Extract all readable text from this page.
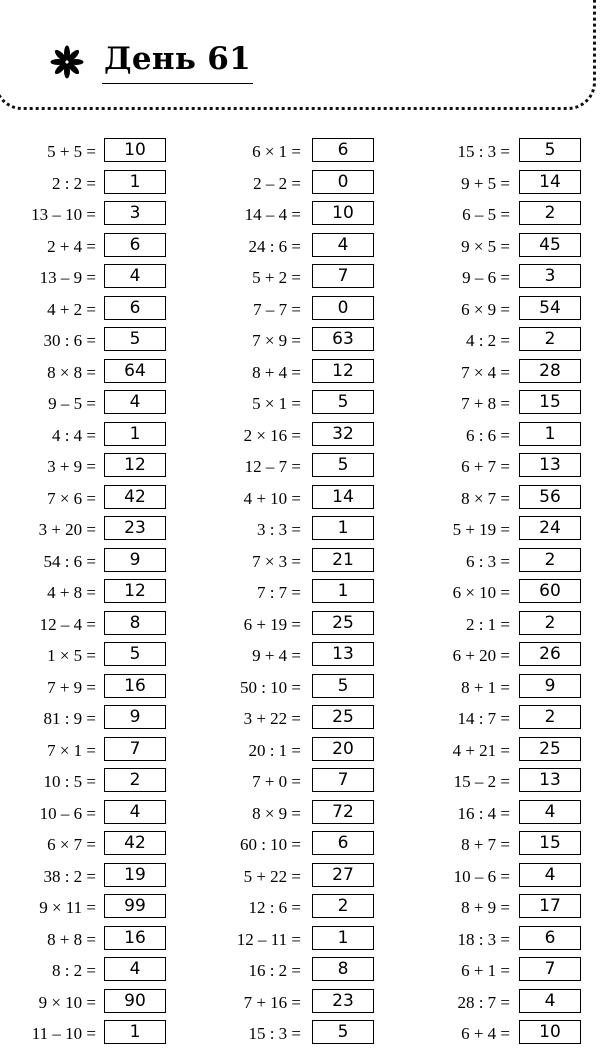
День 61
5 + 5 =	10
2 : 2 =	1
13 – 10 =	3
2 + 4 =	6
13 – 9 =	4
4 + 2 =	6
30 : 6 =	5
8 × 8 =	64
9 – 5 =	4
4 : 4 =	1
3 + 9 =	12
7 × 6 =	42
3 + 20 =	23
54 : 6 =	9
4 + 8 =	12
12 – 4 =	8
1 × 5 =	5
7 + 9 =	16
81 : 9 =	9
7 × 1 =	7
10 : 5 =	2
10 – 6 =	4
6 × 7 =	42
38 : 2 =	19
9 × 11 =	99
8 + 8 =	16
8 : 2 =	4
9 × 10 =	90
11 – 10 =	1
6 × 1 =	6
2 – 2 =	0
14 – 4 =	10
24 : 6 =	4
5 + 2 =	7
7 – 7 =	0
7 × 9 =	63
8 + 4 =	12
5 × 1 =	5
2 × 16 =	32
12 – 7 =	5
4 + 10 =	14
3 : 3 =	1
7 × 3 =	21
7 : 7 =	1
6 + 19 =	25
9 + 4 =	13
50 : 10 =	5
3 + 22 =	25
20 : 1 =	20
7 + 0 =	7
8 × 9 =	72
60 : 10 =	6
5 + 22 =	27
12 : 6 =	2
12 – 11 =	1
16 : 2 =	8
7 + 16 =	23
15 : 3 =	5
15 : 3 =	5
9 + 5 =	14
6 – 5 =	2
9 × 5 =	45
9 – 6 =	3
6 × 9 =	54
4 : 2 =	2
7 × 4 =	28
7 + 8 =	15
6 : 6 =	1
6 + 7 =	13
8 × 7 =	56
5 + 19 =	24
6 : 3 =	2
6 × 10 =	60
2 : 1 =	2
6 + 20 =	26
8 + 1 =	9
14 : 7 =	2
4 + 21 =	25
15 – 2 =	13
16 : 4 =	4
8 + 7 =	15
10 – 6 =	4
8 + 9 =	17
18 : 3 =	6
6 + 1 =	7
28 : 7 =	4
6 + 4 =	10
